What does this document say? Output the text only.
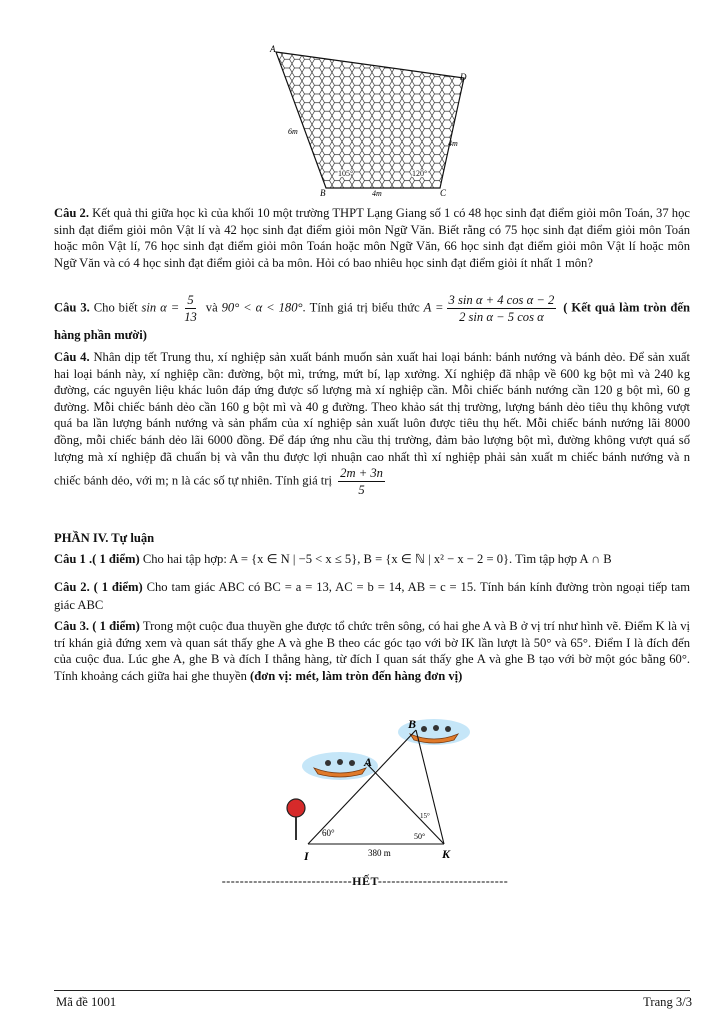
A
D
B	C
6m
4m
4m
105°	120°
Câu 2. Kết quả thi giữa học kì của khối 10 một trường THPT Lạng Giang số 1 có 48 học sinh đạt điểm giỏi môn Toán, 37 học sinh đạt điểm giỏi môn Vật lí và 42 học sinh đạt điểm giỏi môn Ngữ Văn. Biết rằng có 75 học sinh đạt điểm giỏi môn Toán hoặc môn Vật lí, 76 học sinh đạt điểm giỏi môn Toán hoặc môn Ngữ Văn, 66 học sinh đạt điểm giỏi môn Vật lí hoặc môn Ngữ Văn và có 4 học sinh đạt điểm giỏi cả ba môn. Hỏi có bao nhiêu học sinh đạt điểm giỏi ít nhất 1 môn?
Câu 3. Cho biết $\sin \alpha = \frac{5}{13}$ và 90° < α < 180°. Tính giá trị biểu thức $A = \frac{\text{3 sin α + 4 cos α − 2}}{\text{2 sin α − 5 cos α}}$ ( Kết quả làm tròn đến hàng phần mười)
Câu 4. Nhân dịp tết Trung thu, xí nghiệp sản xuất bánh muốn sản xuất hai loại bánh: bánh nướng và bánh dẻo. Để sản xuất hai loại bánh này, xí nghiệp cần: đường, bột mì, trứng, mứt bí, lạp xưởng. Xí nghiệp đã nhập về 600 kg bột mì và 240 kg đường, các nguyên liệu khác luôn đáp ứng được số lượng mà xí nghiệp cần. Mỗi chiếc bánh nướng cần 120 g bột mì, 60 g đường. Mỗi chiếc bánh dẻo cần 160 g bột mì và 40 g đường. Theo khảo sát thị trường, lượng bánh dẻo tiêu thụ không vượt quá ba lần lượng bánh nướng và sản phẩm của xí nghiệp sản xuất luôn được tiêu thụ hết. Mỗi chiếc bánh nướng lãi 8000 đồng, mỗi chiếc bánh dẻo lãi 6000 đồng. Để đáp ứng nhu cầu thị trường, đảm bảo lượng bột mì, đường không vượt quá số lượng mà xí nghiệp đã chuẩn bị và vẫn thu được lợi nhuận cao nhất thì xí nghiệp phải sản xuất m chiếc bánh nướng và n chiếc bánh dẻo, với m; n là các số tự nhiên. Tính giá trị $\frac{2m + 3n}{5}$
PHẦN IV. Tự luận
Câu 1 .( 1 điểm) Cho hai tập hợp: A = {x ∈ N | −5 < x ≤ 5}, B = {x ∈ ℕ | x² − x − 2 = 0}. Tìm tập hợp A ∩ B
Câu 2. ( 1 điểm) Cho tam giác ABC có BC = a = 13, AC = b = 14, AB = c = 15. Tính bán kính đường tròn ngoại tiếp tam giác ABC
Câu 3. ( 1 điểm) Trong một cuộc đua thuyền ghe được tổ chức trên sông, có hai ghe A và B ở vị trí như hình vẽ. Điểm K là vị trí khán giả đứng xem và quan sát thấy ghe A và ghe B theo các góc tạo với bờ IK lần lượt là 50° và 65°. Điểm I là đích đến của cuộc đua. Lúc ghe A, ghe B và đích I thẳng hàng, từ đích I quan sát thấy ghe A và ghe B tạo với bờ một góc bằng 60°. Tính khoảng cách giữa hai ghe thuyền (đơn vị: mét, làm tròn đến hàng đơn vị)
A
B
I	K
60°	50°
15°
380 m
-----------------------------HẾT-----------------------------
Mã đề 1001	Trang 3/3
